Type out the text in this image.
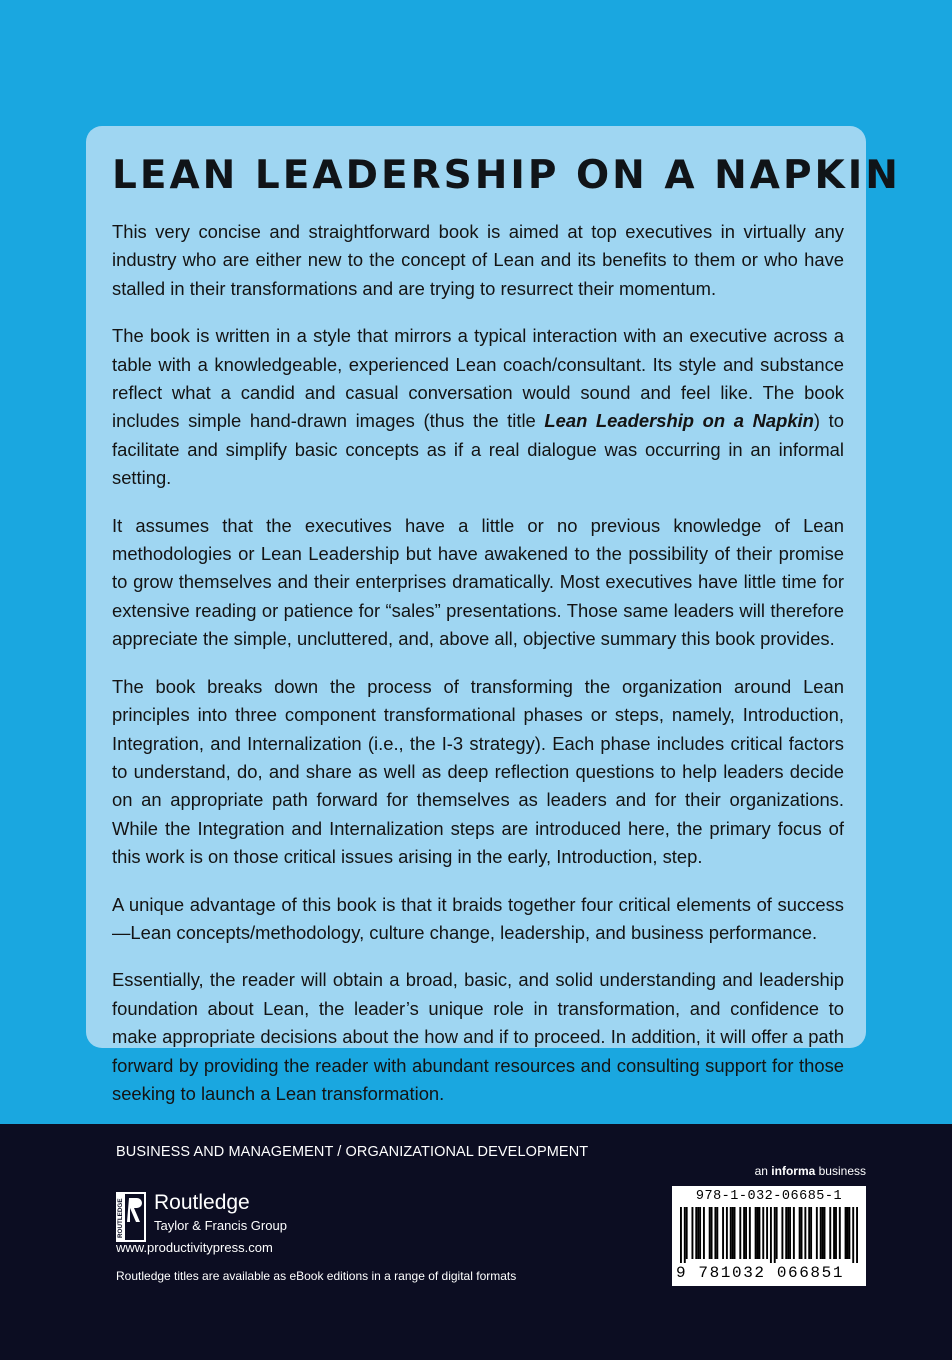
LEAN LEADERSHIP ON A NAPKIN

This very concise and straightforward book is aimed at top executives in virtually any industry who are either new to the concept of Lean and its benefits to them or who have stalled in their transformations and are trying to resurrect their momentum.

The book is written in a style that mirrors a typical interaction with an executive across a table with a knowledgeable, experienced Lean coach/consultant. Its style and substance reflect what a candid and casual conversation would sound and feel like. The book includes simple hand-drawn images (thus the title Lean Leadership on a Napkin) to facilitate and simplify basic concepts as if a real dialogue was occurring in an informal setting.

It assumes that the executives have a little or no previous knowledge of Lean methodologies or Lean Leadership but have awakened to the possibility of their promise to grow themselves and their enterprises dramatically. Most executives have little time for extensive reading or patience for “sales” presentations. Those same leaders will therefore appreciate the simple, uncluttered, and, above all, objective summary this book provides.

The book breaks down the process of transforming the organization around Lean principles into three component transformational phases or steps, namely, Introduction, Integration, and Internalization (i.e., the I-3 strategy). Each phase includes critical factors to understand, do, and share as well as deep reflection questions to help leaders decide on an appropriate path forward for themselves as leaders and for their organizations. While the Integration and Internalization steps are introduced here, the primary focus of this work is on those critical issues arising in the early, Introduction, step.

A unique advantage of this book is that it braids together four critical elements of success—Lean concepts/methodology, culture change, leadership, and business performance.

Essentially, the reader will obtain a broad, basic, and solid understanding and leadership foundation about Lean, the leader’s unique role in transformation, and confidence to make appropriate decisions about the how and if to proceed. In addition, it will offer a path forward by providing the reader with abundant resources and consulting support for those seeking to launch a Lean transformation.

BUSINESS AND MANAGEMENT / ORGANIZATIONAL DEVELOPMENT
ROUTLEDGE Routledge
Taylor & Francis Group
www.productivitypress.com
Routledge titles are available as eBook editions in a range of digital formats
an informa business
978-1-032-06685-1
9 781032 066851
